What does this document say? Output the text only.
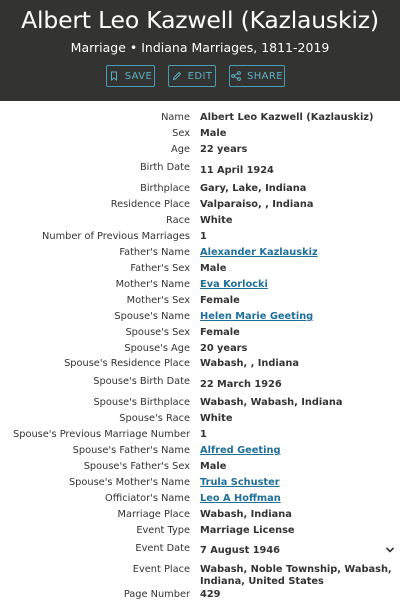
Albert Leo Kazwell (Kazlauskiz)
Marriage • Indiana Marriages, 1811-2019
SAVE	EDIT	SHARE
Name Albert Leo Kazwell (Kazlauskiz)
Sex Male
Age 22 years
Birth Date 11 April 1924
Birthplace Gary, Lake, Indiana
Residence Place Valparaiso, , Indiana
Race White
Number of Previous Marriages 1
Father's Name Alexander Kazlauskiz
Father's Sex Male
Mother's Name Eva Korlocki
Mother's Sex Female
Spouse's Name Helen Marie Geeting
Spouse's Sex Female
Spouse's Age 20 years
Spouse's Residence Place Wabash, , Indiana
Spouse's Birth Date 22 March 1926
Spouse's Birthplace Wabash, Wabash, Indiana
Spouse's Race White
Spouse's Previous Marriage Number 1
Spouse's Father's Name Alfred Geeting
Spouse's Father's Sex Male
Spouse's Mother's Name Trula Schuster
Officiator's Name Leo A Hoffman
Marriage Place Wabash, Indiana
Event Type Marriage License
Event Date 7 August 1946
Event Place Wabash, Noble Township, Wabash, Indiana, United States
Page Number 429
